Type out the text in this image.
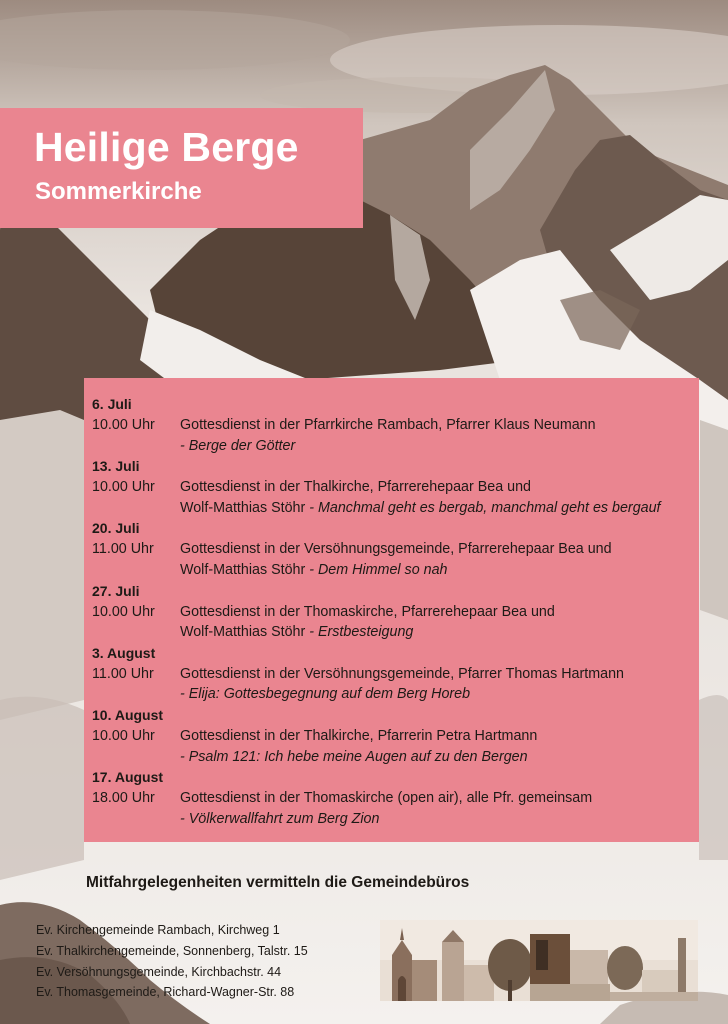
Heilige Berge
Sommerkirche
6. Juli
10.00 Uhr	Gottesdienst in der Pfarrkirche Rambach, Pfarrer Klaus Neumann
- Berge der Götter
13. Juli
10.00 Uhr	Gottesdienst in der Thalkirche, Pfarrerehepaar Bea und
Wolf-Matthias Stöhr - Manchmal geht es bergab, manchmal geht es bergauf
20. Juli
11.00 Uhr	Gottesdienst in der Versöhnungsgemeinde, Pfarrerehepaar Bea und
Wolf-Matthias Stöhr - Dem Himmel so nah
27. Juli
10.00 Uhr	Gottesdienst in der Thomaskirche, Pfarrerehepaar Bea und
Wolf-Matthias Stöhr - Erstbesteigung
3. August
11.00 Uhr	Gottesdienst in der Versöhnungsgemeinde, Pfarrer Thomas Hartmann
- Elija: Gottesbegegnung auf dem Berg Horeb
10. August
10.00 Uhr	Gottesdienst in der Thalkirche, Pfarrerin Petra Hartmann
- Psalm 121: Ich hebe meine Augen auf zu den Bergen
17. August
18.00 Uhr	Gottesdienst in der Thomaskirche (open air), alle Pfr. gemeinsam
- Völkerwallfahrt zum Berg Zion
Mitfahrgelegenheiten vermitteln die Gemeindebüros
Ev. Kirchengemeinde Rambach, Kirchweg 1
Ev. Thalkirchengemeinde, Sonnenberg, Talstr. 15
Ev. Versöhnungsgemeinde, Kirchbachstr. 44
Ev. Thomasgemeinde, Richard-Wagner-Str. 88
